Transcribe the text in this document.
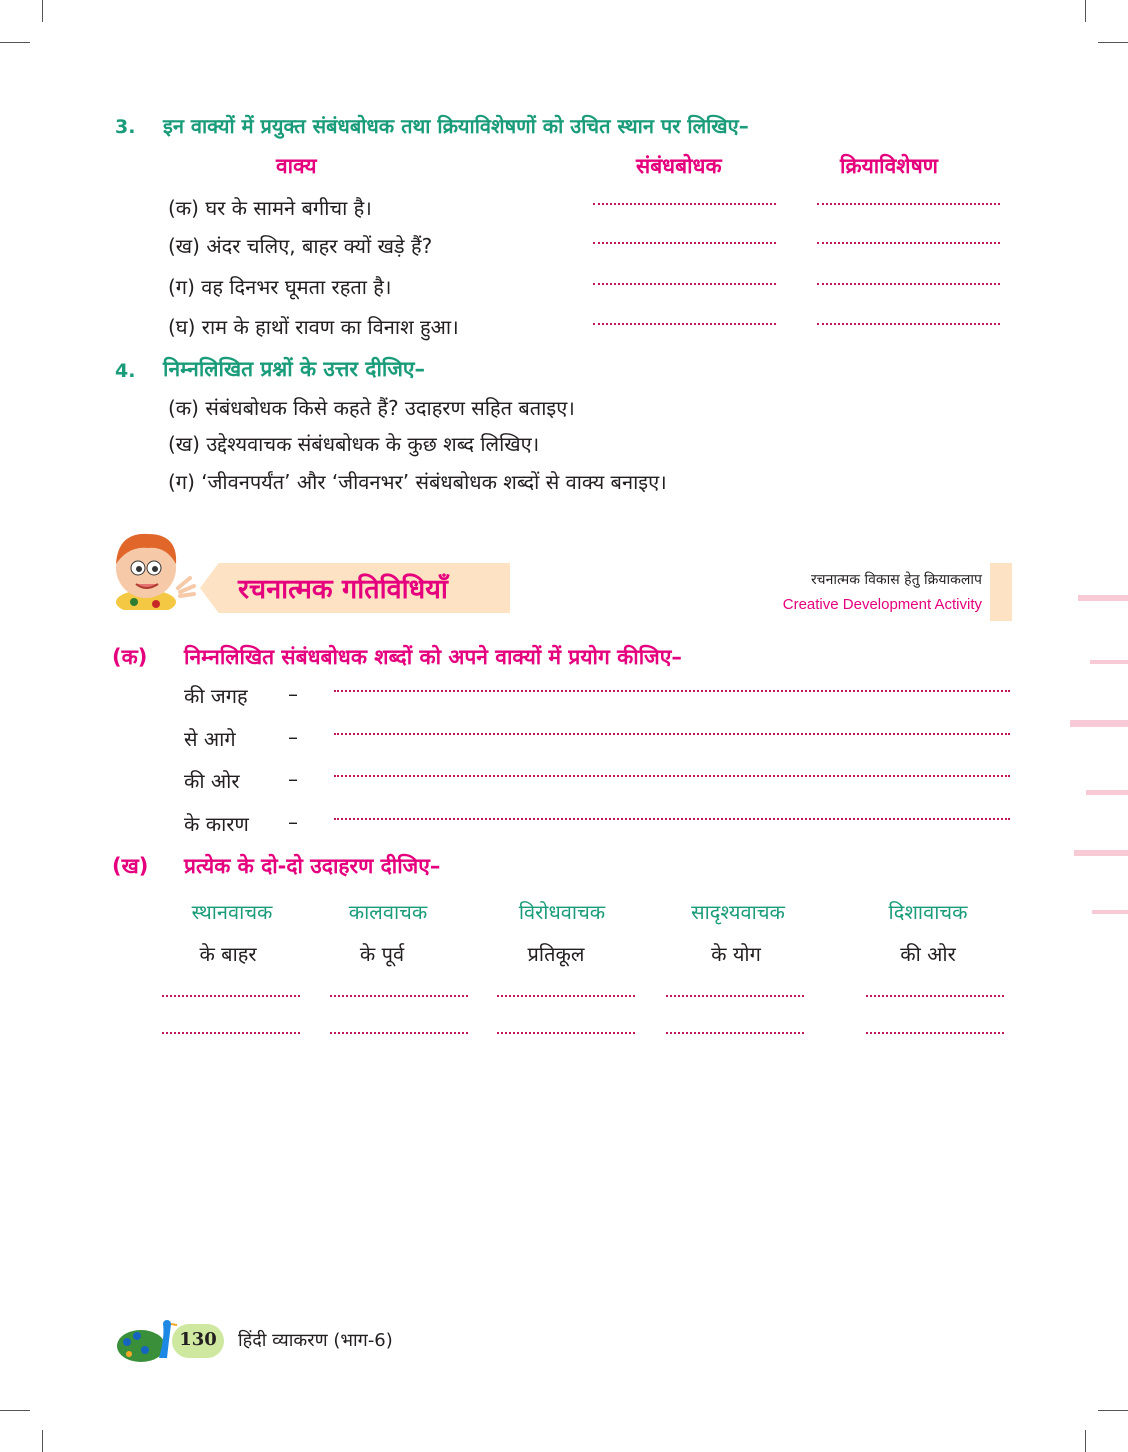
3. इन वाक्यों में प्रयुक्त संबंधबोधक तथा क्रियाविशेषणों को उचित स्थान पर लिखिए–
वाक्य	संबंधबोधक	क्रियाविशेषण
(क) घर के सामने बगीचा है।
(ख) अंदर चलिए, बाहर क्यों खड़े हैं?
(ग) वह दिनभर घूमता रहता है।
(घ) राम के हाथों रावण का विनाश हुआ।
4. निम्नलिखित प्रश्नों के उत्तर दीजिए–
(क) संबंधबोधक किसे कहते हैं? उदाहरण सहित बताइए।
(ख) उद्देश्यवाचक संबंधबोधक के कुछ शब्द लिखिए।
(ग) ‘जीवनपर्यंत’ और ‘जीवनभर’ संबंधबोधक शब्दों से वाक्य बनाइए।
रचनात्मक गतिविधियाँ	रचनात्मक विकास हेतु क्रियाकलाप
Creative Development Activity
(क) निम्नलिखित संबंधबोधक शब्दों को अपने वाक्यों में प्रयोग कीजिए–
की जगह –
से आगे	–
की ओर –
के कारण –
(ख) प्रत्येक के दो-दो उदाहरण दीजिए–
स्थानवाचक	कालवाचक	विरोधवाचक	सादृश्यवाचक	दिशावाचक
के बाहर	के पूर्व	प्रतिकूल	के योग	की ओर
130	हिंदी व्याकरण (भाग-6)
